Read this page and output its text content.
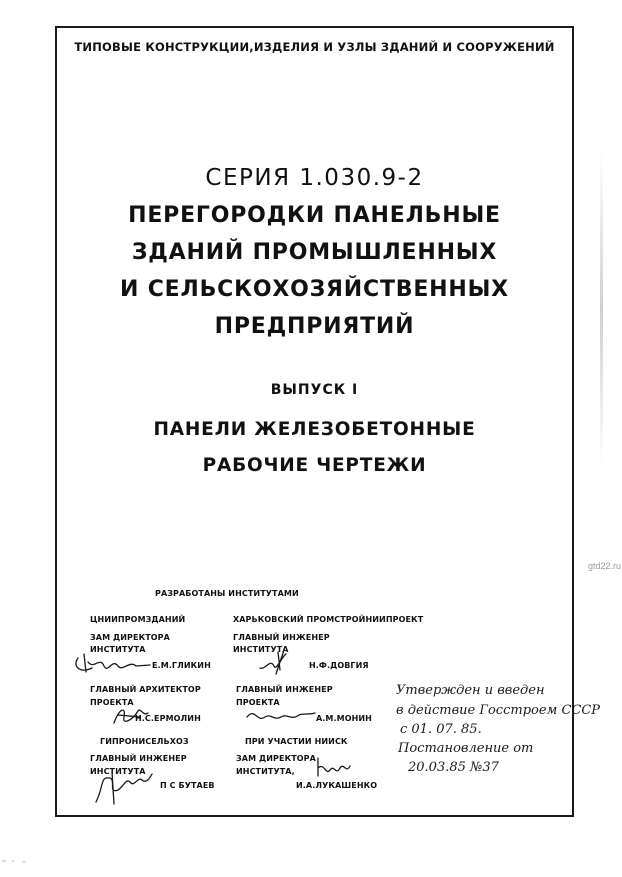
gtd22.ru
ТИПОВЫЕ КОНСТРУКЦИИ,ИЗДЕЛИЯ И УЗЛЫ ЗДАНИЙ И СООРУЖЕНИЙ
СЕРИЯ 1.030.9-2
ПЕРЕГОРОДКИ ПАНЕЛЬНЫЕ
ЗДАНИЙ ПРОМЫШЛЕННЫХ
И СЕЛЬСКОХОЗЯЙСТВЕННЫХ
ПРЕДПРИЯТИЙ
ВЫПУСК I
ПАНЕЛИ ЖЕЛЕЗОБЕТОННЫЕ
РАБОЧИЕ ЧЕРТЕЖИ
РАЗРАБОТАНЫ ИНСТИТУТАМИ
ЦНИИПРОМЗДАНИЙ
ЗАМ ДИРЕКТОРА
ИНСТИТУТА
Е.М.ГЛИКИН
ГЛАВНЫЙ АРХИТЕКТОР
ПРОЕКТА
Н.С.ЕРМОЛИН
ГИПРОНИСЕЛЬХОЗ
ГЛАВНЫЙ ИНЖЕНЕР
ИНСТИТУТА
П С БУТАЕВ
ХАРЬКОВСКИЙ ПРОМСТРОЙНИИПРОЕКТ
ГЛАВНЫЙ ИНЖЕНЕР
ИНСТИТУТА
Н.Ф.ДОВГИЯ
ГЛАВНЫЙ ИНЖЕНЕР
ПРОЕКТА
А.М.МОНИН
ПРИ УЧАСТИИ НИИСК
ЗАМ ДИРЕКТОРА
ИНСТИТУТА,
И.А.ЛУКАШЕНКО
Утвержден и введен
в действие Госстроем СССР
с 01. 07. 85.
Постановление от
20.03.85 №37
